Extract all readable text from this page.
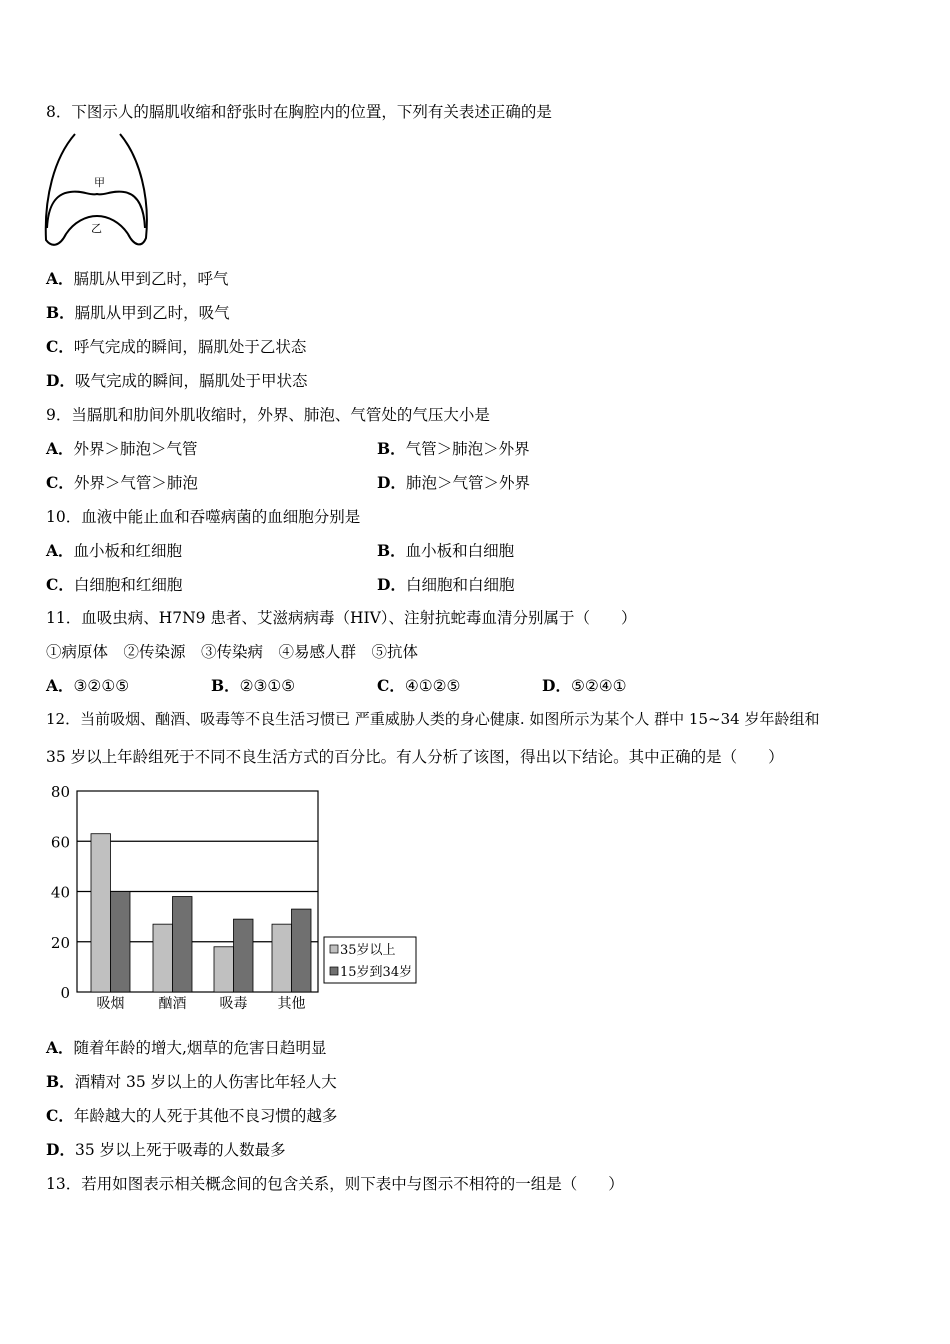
8．下图示人的膈肌收缩和舒张时在胸腔内的位置，下列有关表述正确的是
甲
乙
A．膈肌从甲到乙时，呼气
B．膈肌从甲到乙时，吸气
C．呼气完成的瞬间，膈肌处于乙状态
D．吸气完成的瞬间，膈肌处于甲状态
9．当膈肌和肋间外肌收缩时，外界、肺泡、气管处的气压大小是
A．外界＞肺泡＞气管	B．气管＞肺泡＞外界
C．外界＞气管＞肺泡	D．肺泡＞气管＞外界
10．血液中能止血和吞噬病菌的血细胞分别是
A．血小板和红细胞	B．血小板和白细胞
C．白细胞和红细胞	D．白细胞和白细胞
11．血吸虫病、H7N9 患者、艾滋病病毒（HIV）、注射抗蛇毒血清分别属于（　　）
①病原体　②传染源　③传染病　④易感人群　⑤抗体
A．③②①⑤	B．②③①⑤	C．④①②⑤	D．⑤②④①
12．当前吸烟、酗酒、吸毒等不良生活习惯已 严重威胁人类的身心健康. 如图所示为某个人 群中 15~34 岁年龄组和
35 岁以上年龄组死于不同不良生活方式的百分比。有人分析了该图，得出以下结论。其中正确的是（　　）
0
20
40
60
80
吸烟 酗酒 吸毒 其他
35岁以上
15岁到34岁
A．随着年龄的增大,烟草的危害日趋明显
B．酒精对 35 岁以上的人伤害比年轻人大
C．年龄越大的人死于其他不良习惯的越多
D．35 岁以上死于吸毒的人数最多
13．若用如图表示相关概念间的包含关系，则下表中与图示不相符的一组是（　　）
